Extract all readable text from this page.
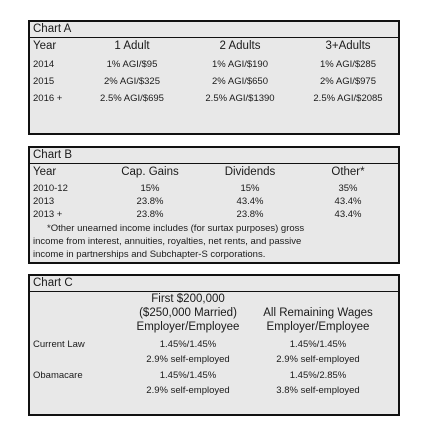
Chart A
Year	1 Adult	2 Adults	3+Adults
2014	1% AGI/$95	1% AGI/$190	1% AGI/$285
2015	2% AGI/$325	2% AGI/$650	2% AGI/$975
2016 +	2.5% AGI/$695	2.5% AGI/$1390	2.5% AGI/$2085
Chart B
Year	Cap. Gains	Dividends	Other*
2010-12	15%	15%	35%
2013	23.8%	43.4%	43.4%
2013 +	23.8%	23.8%	43.4%
*Other unearned income includes (for surtax purposes) gross
income from interest, annuities, royalties, net rents, and passive
income in partnerships and Subchapter-S corporations.
Chart C
First $200,000
($250,000 Married)
Employer/Employee
All Remaining Wages
Employer/Employee
Current Law	1.45%/1.45%	1.45%/1.45%
2.9% self-employed	2.9% self-employed
Obamacare	1.45%/1.45%	1.45%/2.85%
2.9% self-employed	3.8% self-employed
